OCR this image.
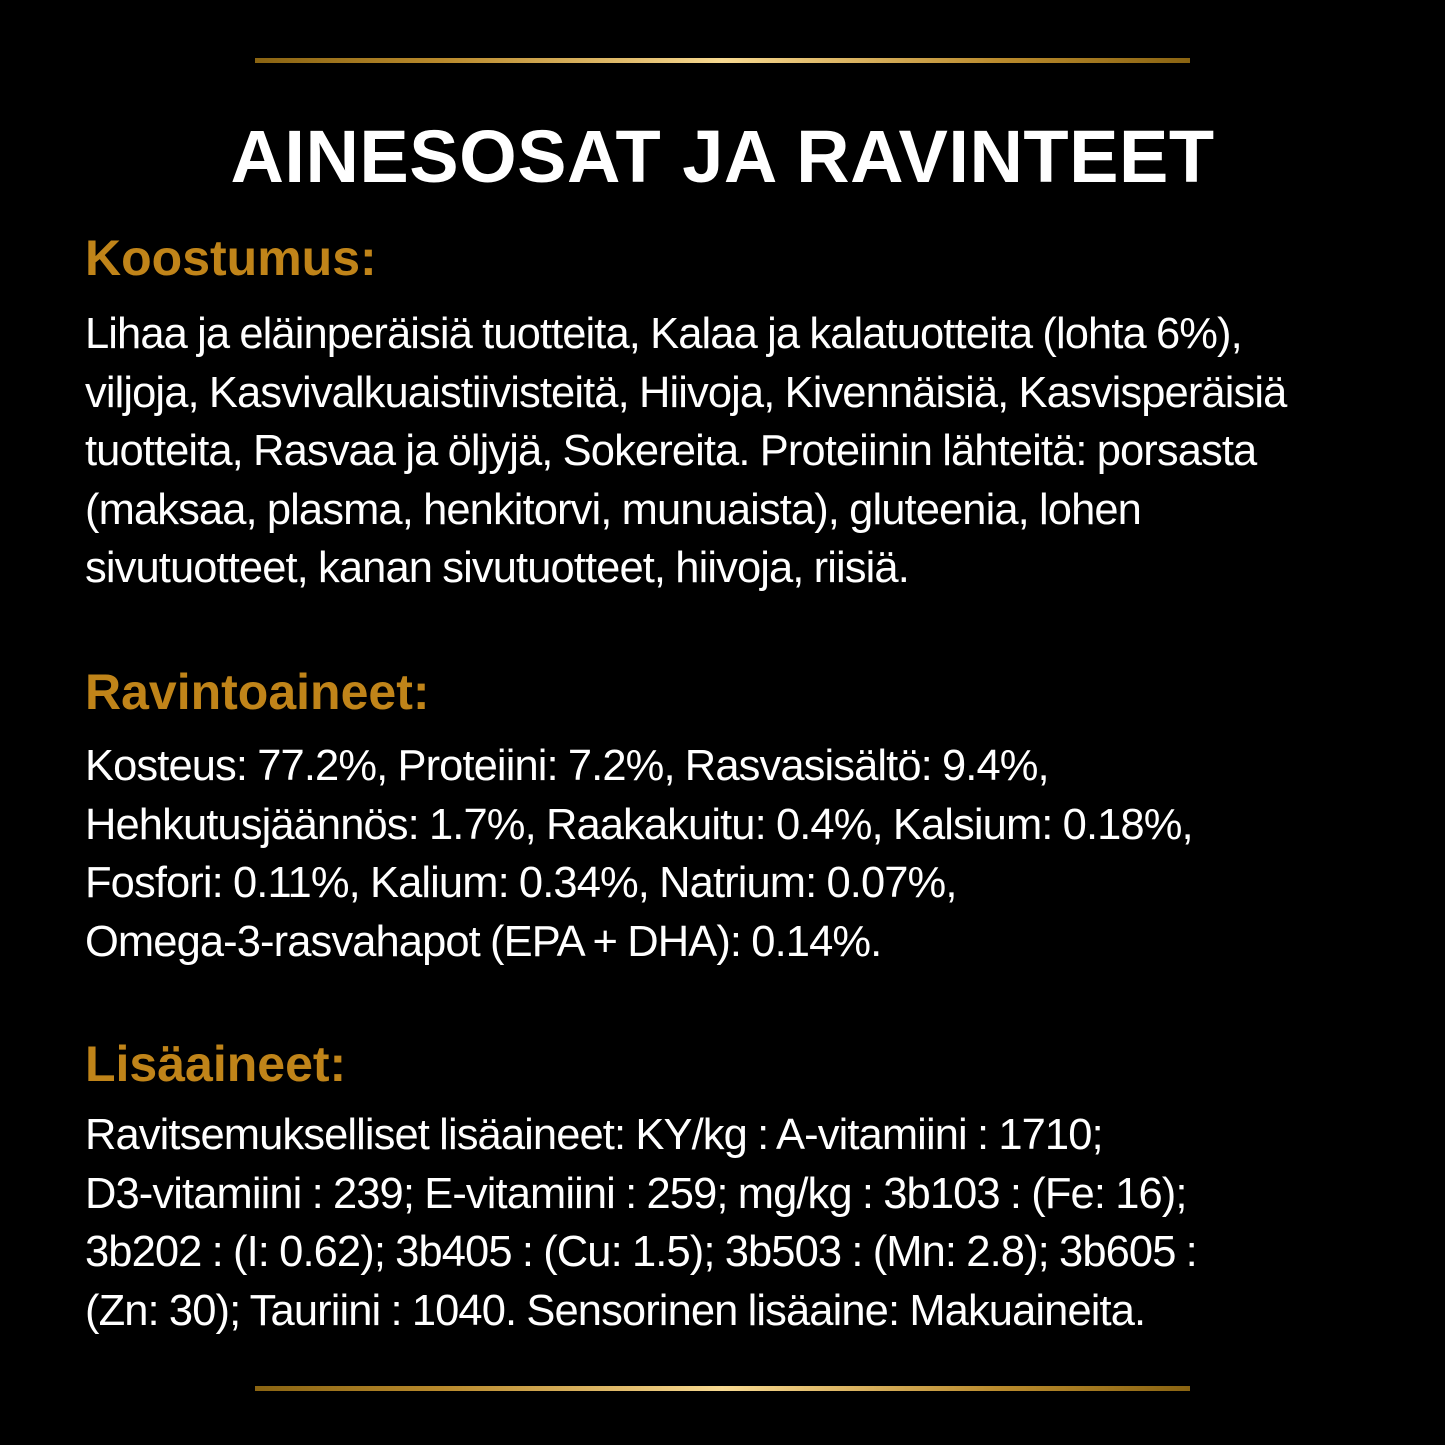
AINESOSAT JA RAVINTEET
Koostumus:

Lihaa ja eläinperäisiä tuotteita, Kalaa ja kalatuotteita (lohta 6%),
viljoja, Kasvivalkuaistiivisteitä, Hiivoja, Kivennäisiä, Kasvisperäisiä
tuotteita, Rasvaa ja öljyjä, Sokereita. Proteiinin lähteitä: porsasta
(maksaa, plasma, henkitorvi, munuaista), gluteenia, lohen
sivutuotteet, kanan sivutuotteet, hiivoja, riisiä.

Ravintoaineet:

Kosteus: 77.2%, Proteiini: 7.2%, Rasvasisältö: 9.4%,
Hehkutusjäännös: 1.7%, Raakakuitu: 0.4%, Kalsium: 0.18%,
Fosfori: 0.11%, Kalium: 0.34%, Natrium: 0.07%,
Omega-3-rasvahapot (EPA + DHA): 0.14%.

Lisäaineet:

Ravitsemukselliset lisäaineet: KY/kg : A-vitamiini : 1710;
D3-vitamiini : 239; E-vitamiini : 259; mg/kg : 3b103 : (Fe: 16);
3b202 : (I: 0.62); 3b405 : (Cu: 1.5); 3b503 : (Mn: 2.8); 3b605 :
(Zn: 30); Tauriini : 1040. Sensorinen lisäaine: Makuaineita.
